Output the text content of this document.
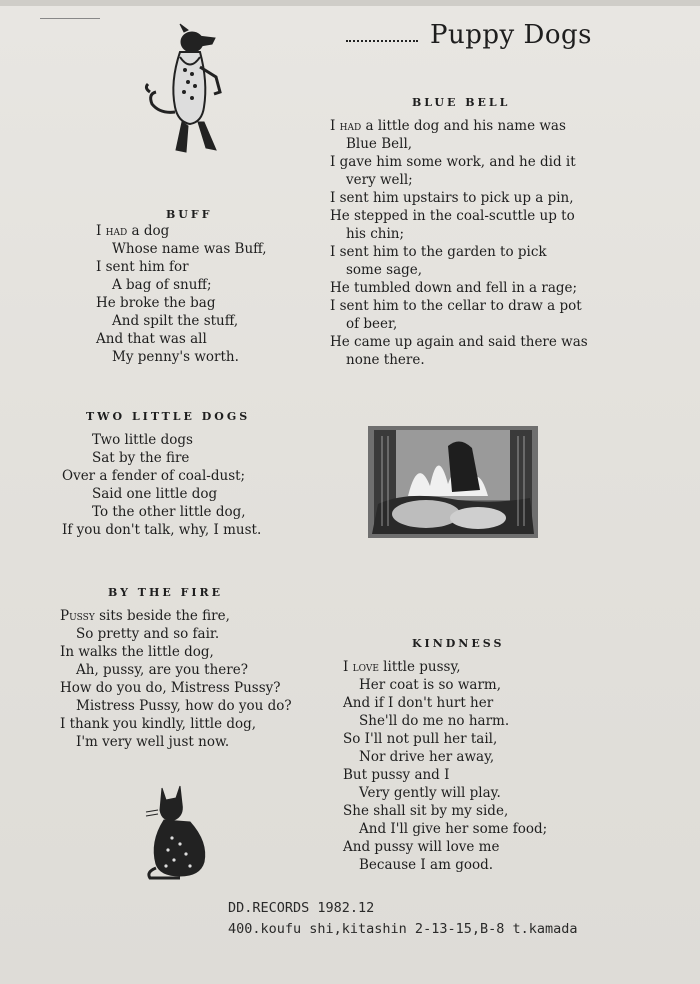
Puppy Dogs
BLUE BELL
I had a little dog and his name was
Blue Bell,
I gave him some work, and he did it
very well;
I sent him upstairs to pick up a pin,
He stepped in the coal-scuttle up to
his chin;
I sent him to the garden to pick
some sage,
He tumbled down and fell in a rage;
I sent him to the cellar to draw a pot
of beer,
He came up again and said there was
none there.
BUFF
I had a dog
Whose name was Buff,
I sent him for
A bag of snuff;
He broke the bag
And spilt the stuff,
And that was all
My penny's worth.
TWO LITTLE DOGS
Two little dogs
Sat by the fire
Over a fender of coal-dust;
Said one little dog
To the other little dog,
If you don't talk, why, I must.
BY THE FIRE
Pussy sits beside the fire,
So pretty and so fair.
In walks the little dog,
Ah, pussy, are you there?
How do you do, Mistress Pussy?
Mistress Pussy, how do you do?
I thank you kindly, little dog,
I'm very well just now.
KINDNESS
I love little pussy,
Her coat is so warm,
And if I don't hurt her
She'll do me no harm.
So I'll not pull her tail,
Nor drive her away,
But pussy and I
Very gently will play.
She shall sit by my side,
And I'll give her some food;
And pussy will love me
Because I am good.
DD.RECORDS 1982.12
400.koufu shi,kitashin 2-13-15,B-8 t.kamada
